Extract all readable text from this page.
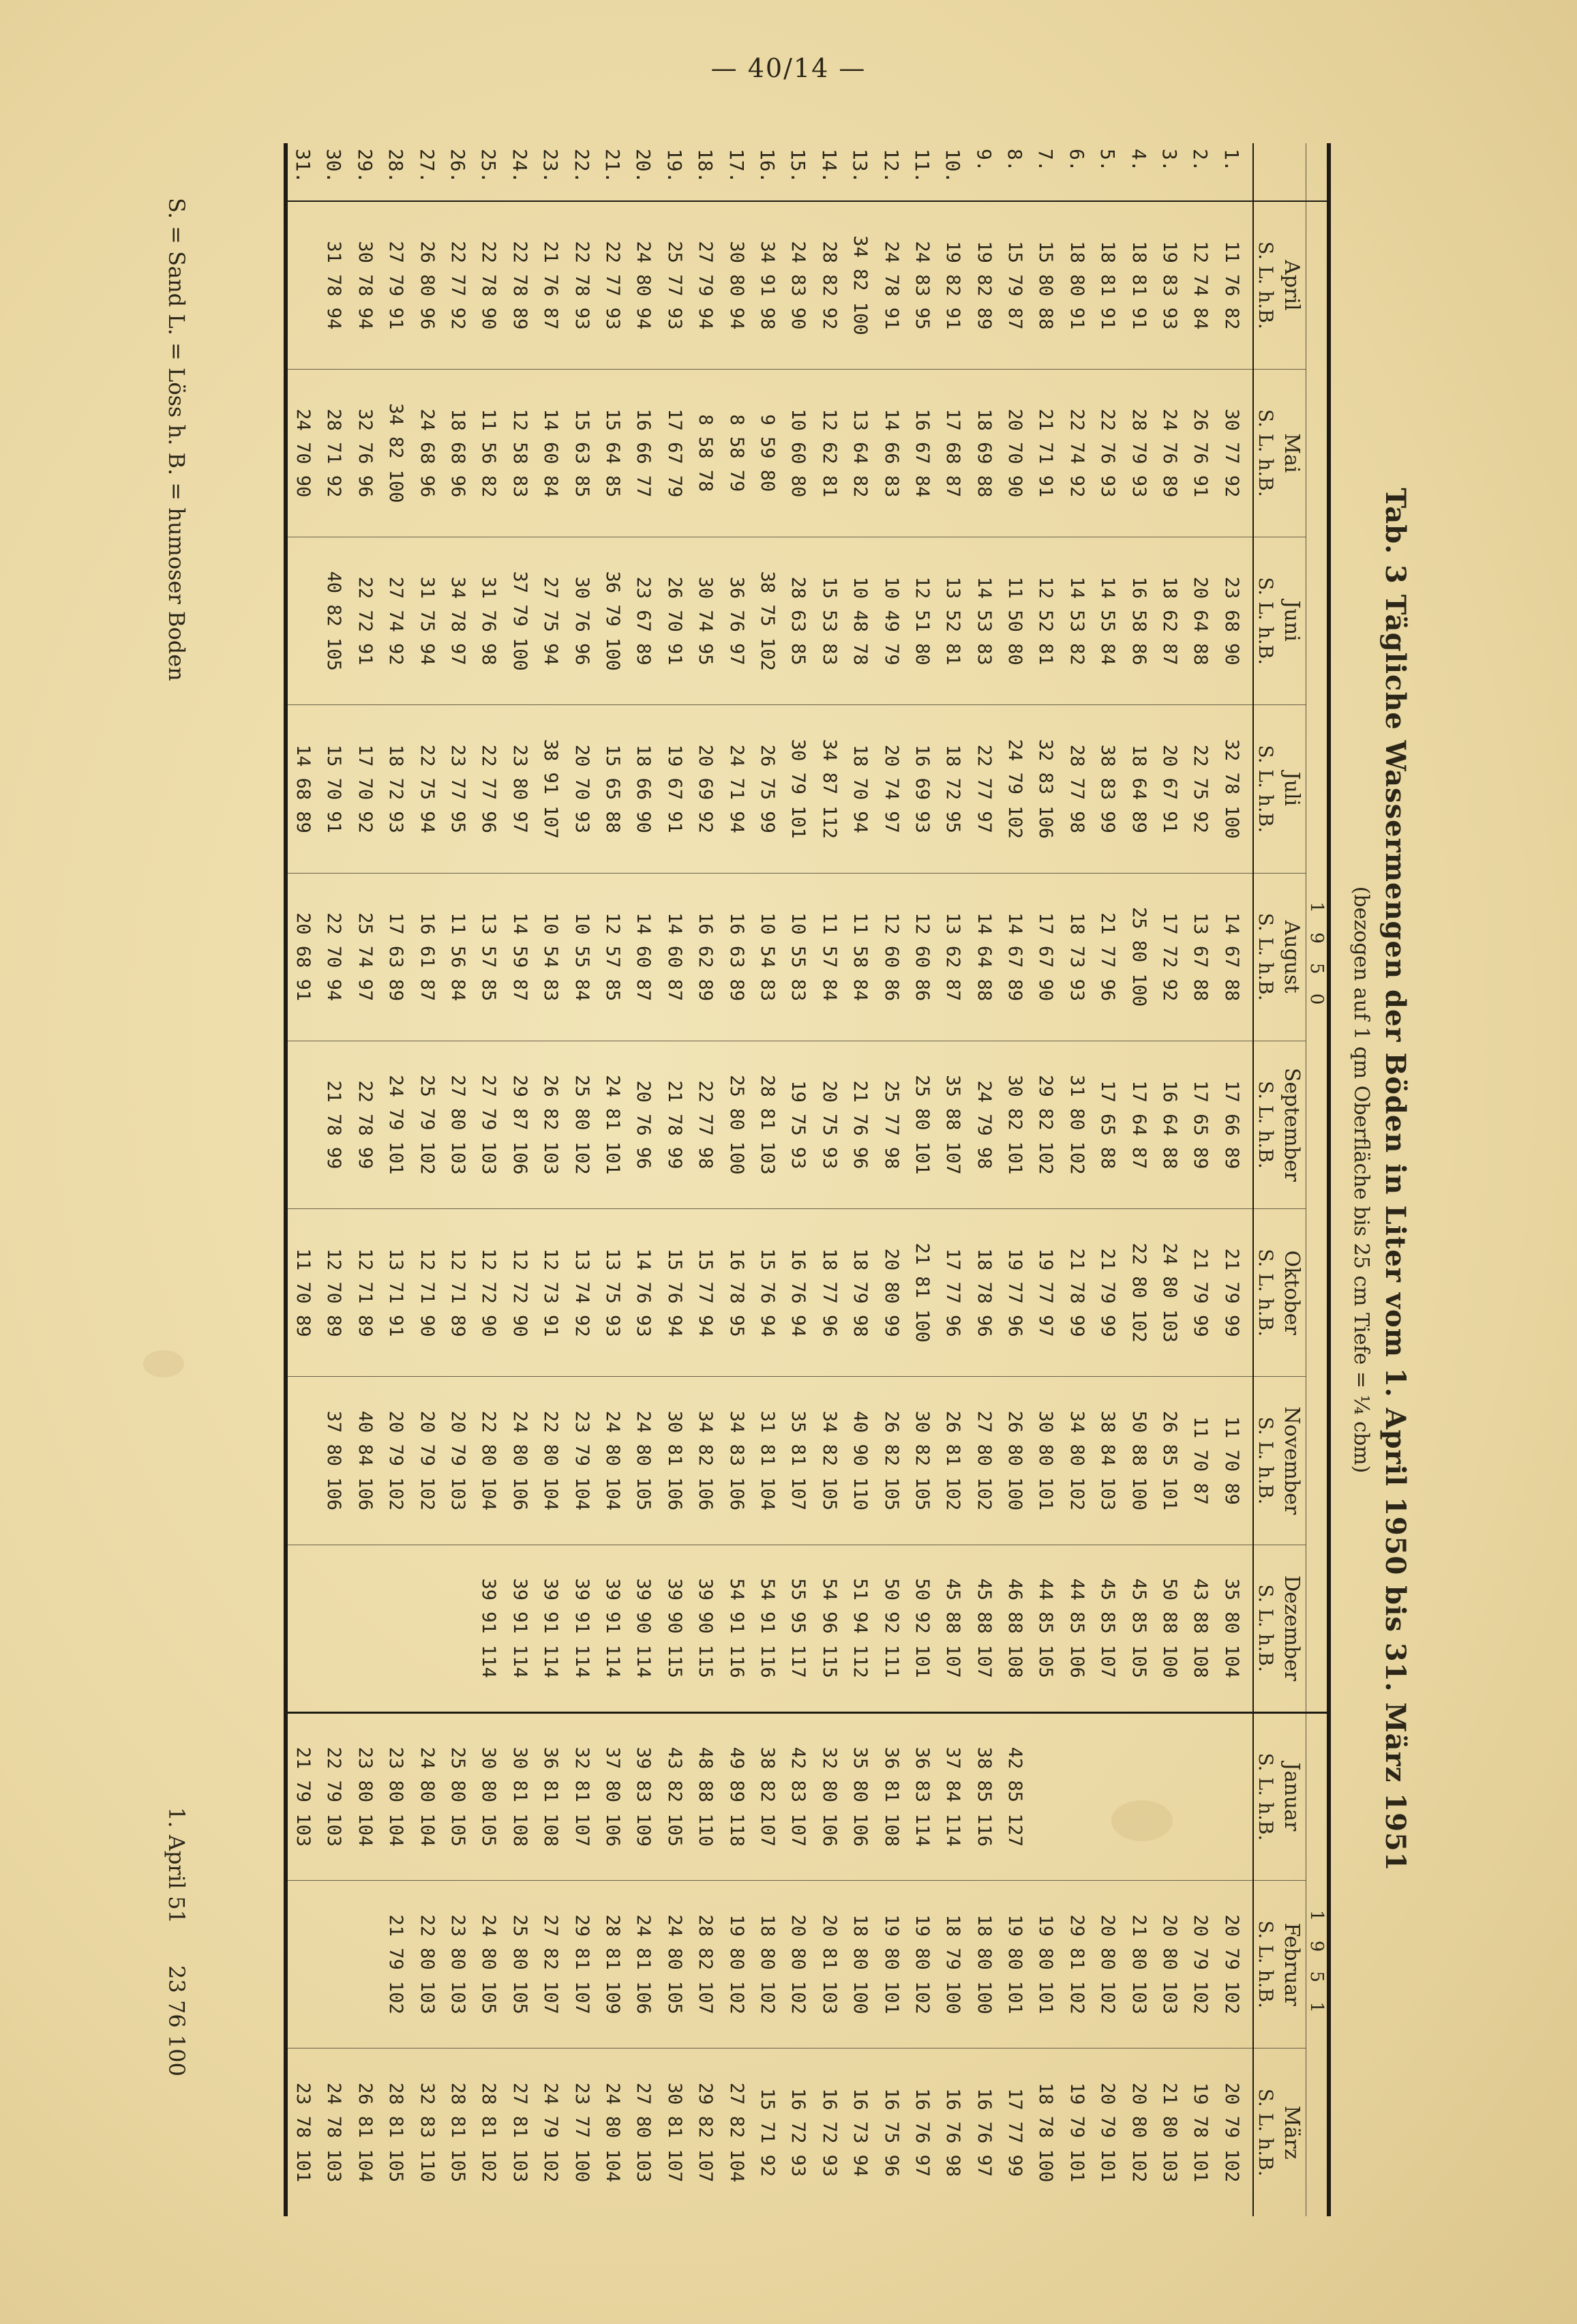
— 40/14 —
Tab. 3 Tägliche Wassermengen der Böden in Liter vom 1. April 1950 bis 31. März 1951
(bezogen auf 1 qm Oberfläche bis 25 cm Tiefe = ¼ cbm)
	1 9 5 0									1 9 5 1		
	April	Mai	Juni	Juli	August	September	Oktober	November	Dezember	Januar	Februar	März
	S. L. h.B.	S. L. h.B.	S. L. h.B.	S. L. h.B.	S. L. h.B.	S. L. h.B.	S. L. h.B.	S. L. h.B.	S. L. h.B.	S. L. h.B.	S. L. h.B.	S. L. h.B.
1.	11 76 82	30 77 92	23 68 90	32 78 100	14 67 88	17 66 89	21 79 99	11 70 89	35 80 104		20 79 102	20 79 102
2.	12 74 84	26 76 91	20 64 88	22 75 92	13 67 88	17 65 89	21 79 99	11 70 87	43 88 108		20 79 102	19 78 101
3.	19 83 93	24 76 89	18 62 87	20 67 91	17 72 92	16 64 88	24 80 103	26 85 101	50 88 100		20 80 103	21 80 103
4.	18 81 91	28 79 93	16 58 86	18 64 89	25 80 100	17 64 87	22 80 102	50 88 100	45 85 105		21 80 103	20 80 102
5.	18 81 91	22 76 93	14 55 84	38 83 99	21 77 96	17 65 88	21 79 99	38 84 103	45 85 107		20 80 102	20 79 101
6.	18 80 91	22 74 92	14 53 82	28 77 98	18 73 93	31 80 102	21 78 99	34 80 102	44 85 106		29 81 102	19 79 101
7.	15 80 88	21 71 91	12 52 81	32 83 106	17 67 90	29 82 102	19 77 97	30 80 101	44 85 105		19 80 101	18 78 100
8.	15 79 87	20 70 90	11 50 80	24 79 102	14 67 89	30 82 101	19 77 96	26 80 100	46 88 108	42 85 127	19 80 101	17 77 99
9.	19 82 89	18 69 88	14 53 83	22 77 97	14 64 88	24 79 98	18 78 96	27 80 102	45 88 107	38 85 116	18 80 100	16 76 97
10.	19 82 91	17 68 87	13 52 81	18 72 95	13 62 87	35 88 107	17 77 96	26 81 102	45 88 107	37 84 114	18 79 100	16 76 98
11.	24 83 95	16 67 84	12 51 80	16 69 93	12 60 86	25 80 101	21 81 100	30 82 105	50 92 101	36 83 114	19 80 102	16 76 97
12.	24 78 91	14 66 83	10 49 79	20 74 97	12 60 86	25 77 98	20 80 99	26 82 105	50 92 111	36 81 108	19 80 101	16 75 96
13.	34 82 100	13 64 82	10 48 78	18 70 94	11 58 84	21 76 96	18 79 98	40 90 110	51 94 112	35 80 106	18 80 100	16 73 94
14.	28 82 92	12 62 81	15 53 83	34 87 112	11 57 84	20 75 93	18 77 96	34 82 105	54 96 115	32 80 106	20 81 103	16 72 93
15.	24 83 90	10 60 80	28 63 85	30 79 101	10 55 83	19 75 93	16 76 94	35 81 107	55 95 117	42 83 107	20 80 102	16 72 93
16.	34 91 98	9 59 80	38 75 102	26 75 99	10 54 83	28 81 103	15 76 94	31 81 104	54 91 116	38 82 107	18 80 102	15 71 92
17.	30 80 94	8 58 79	36 76 97	24 71 94	16 63 89	25 80 100	16 78 95	34 83 106	54 91 116	49 89 118	19 80 102	27 82 104
18.	27 79 94	8 58 78	30 74 95	20 69 92	16 62 89	22 77 98	15 77 94	34 82 106	39 90 115	48 88 110	28 82 107	29 82 107
19.	25 77 93	17 67 79	26 70 91	19 67 91	14 60 87	21 78 99	15 76 94	30 81 106	39 90 115	43 82 105	24 80 105	30 81 107
20.	24 80 94	16 66 77	23 67 89	18 66 90	14 60 87	20 76 96	14 76 93	24 80 105	39 90 114	39 83 109	24 81 106	27 80 103
21.	22 77 93	15 64 85	36 79 100	15 65 88	12 57 85	24 81 101	13 75 93	24 80 104	39 91 114	37 80 106	28 81 109	24 80 104
22.	22 78 93	15 63 85	30 76 96	20 70 93	10 55 84	25 80 102	13 74 92	23 79 104	39 91 114	32 81 107	29 81 107	23 77 100
23.	21 76 87	14 60 84	27 75 94	38 91 107	10 54 83	26 82 103	12 73 91	22 80 104	39 91 114	36 81 108	27 82 107	24 79 102
24.	22 78 89	12 58 83	37 79 100	23 80 97	14 59 87	29 87 106	12 72 90	24 80 106	39 91 114	30 81 108	25 80 105	27 81 103
25.	22 78 90	11 56 82	31 76 98	22 77 96	13 57 85	27 79 103	12 72 90	22 80 104	39 91 114	30 80 105	24 80 105	28 81 102
26.	22 77 92	18 68 96	34 78 97	23 77 95	11 56 84	27 80 103	12 71 89	20 79 103		25 80 105	23 80 103	28 81 105
27.	26 80 96	24 68 96	31 75 94	22 75 94	16 61 87	25 79 102	12 71 90	20 79 102		24 80 104	22 80 103	32 83 110
28.	27 79 91	34 82 100	27 74 92	18 72 93	17 63 89	24 79 101	13 71 91	20 79 102		23 80 104	21 79 102	28 81 105
29.	30 78 94	32 76 96	22 72 91	17 70 92	25 74 97	22 78 99	12 71 89	40 84 106		23 80 104		26 81 104
30.	31 78 94	28 71 92	40 82 105	15 70 91	22 70 94	21 78 99	12 70 89	37 80 106		22 79 103		24 78 103
31.		24 70 90		14 68 89	20 68 91		11 70 89			21 79 103		23 78 101
S. = Sand L. = Löss h. B. = humoser Boden
1. April 51      23 76 100
